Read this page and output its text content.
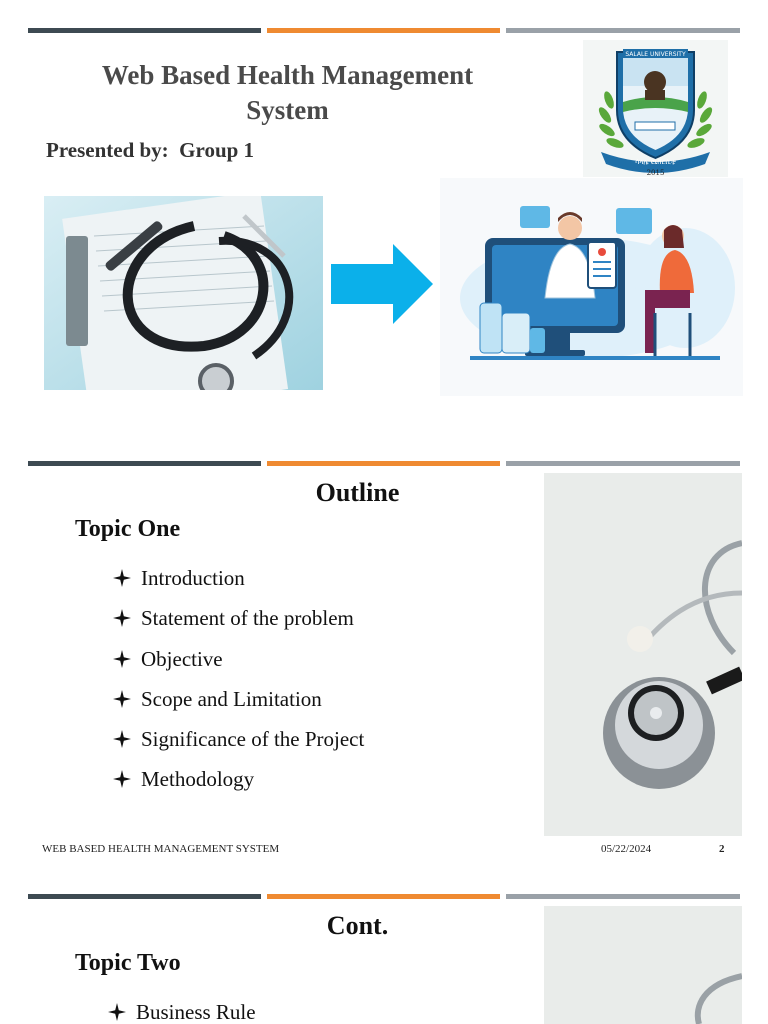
Web Based Health Management System
Presented by:  Group 1
SALALE UNIVERSITY
ሳላሌ ዩኒቨርሲቲ
2015
Outline
Topic One
Introduction
Statement of the problem
Objective
Scope and Limitation
Significance of the Project
Methodology
WEB BASED HEALTH MANAGEMENT SYSTEM	05/22/2024	2
Cont.
Topic Two
Business Rule
